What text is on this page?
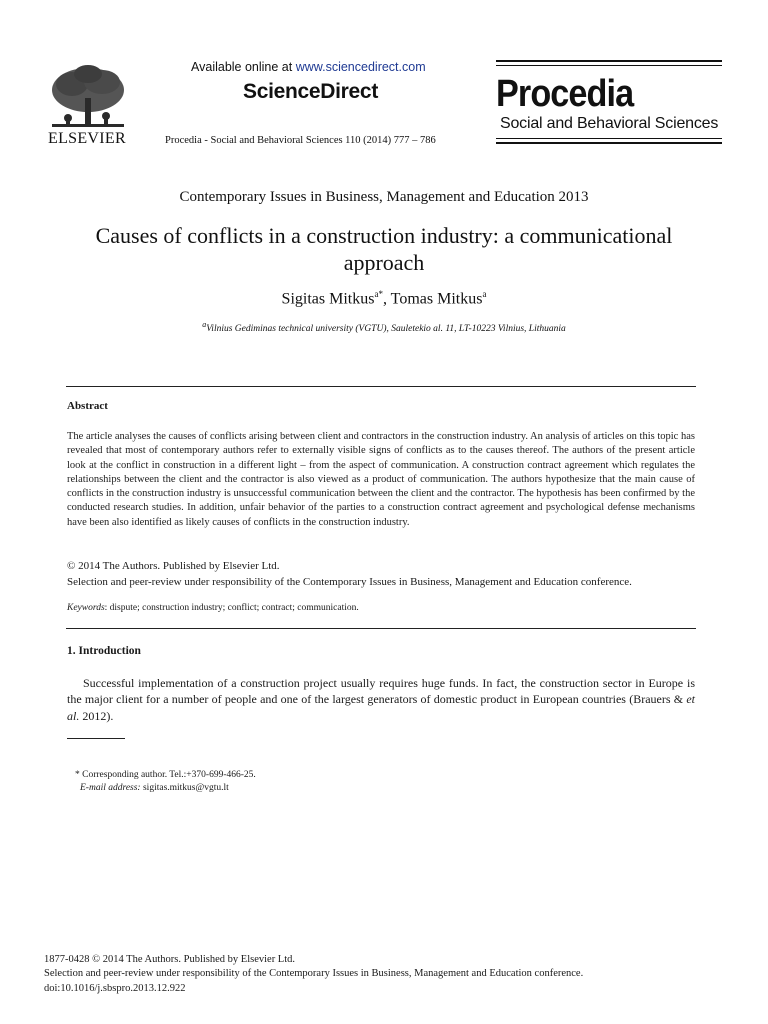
ELSEVIER
Available online at www.sciencedirect.com
ScienceDirect
Procedia - Social and Behavioral Sciences 110 (2014) 777 – 786
Procedia
Social and Behavioral Sciences
Contemporary Issues in Business, Management and Education 2013
Causes of conflicts in a construction industry: a communicational
approach
Sigitas Mitkus$^{a*}$, Tomas Mitkus$^a$
$^a$Vilnius Gediminas technical university (VGTU), Sauletekio al. 11, LT-10223 Vilnius, Lithuania
Abstract
The article analyses the causes of conflicts arising between client and contractors in the construction industry. An analysis of articles on this topic has revealed that most of contemporary authors refer to externally visible signs of conflicts as to the causes thereof. The authors of the present article look at the conflict in construction in a different light – from the aspect of communication. A construction contract agreement which regulates the relationships between the client and the contractor is also viewed as a product of communication. The authors hypothesize that the main cause of conflicts in the construction industry is unsuccessful communication between the client and the contractor. The hypothesis has been confirmed by the conducted research studies. In addition, unfair behavior of the parties to a construction contract agreement and psychological defense mechanisms have been also identified as likely causes of conflicts in the construction industry.
© 2014 The Authors. Published by Elsevier Ltd.
Selection and peer-review under responsibility of the Contemporary Issues in Business, Management and Education conference.
Keywords: dispute; construction industry; conflict; contract; communication.
1. Introduction
Successful implementation of a construction project usually requires huge funds. In fact, the construction sector in Europe is the major client for a number of people and one of the largest generators of domestic product in European countries (Brauers & et al. 2012).
* Corresponding author. Tel.:+370-699-466-25.
E-mail address: sigitas.mitkus@vgtu.lt
1877-0428 © 2014 The Authors. Published by Elsevier Ltd.
Selection and peer-review under responsibility of the Contemporary Issues in Business, Management and Education conference.
doi:10.1016/j.sbspro.2013.12.922
